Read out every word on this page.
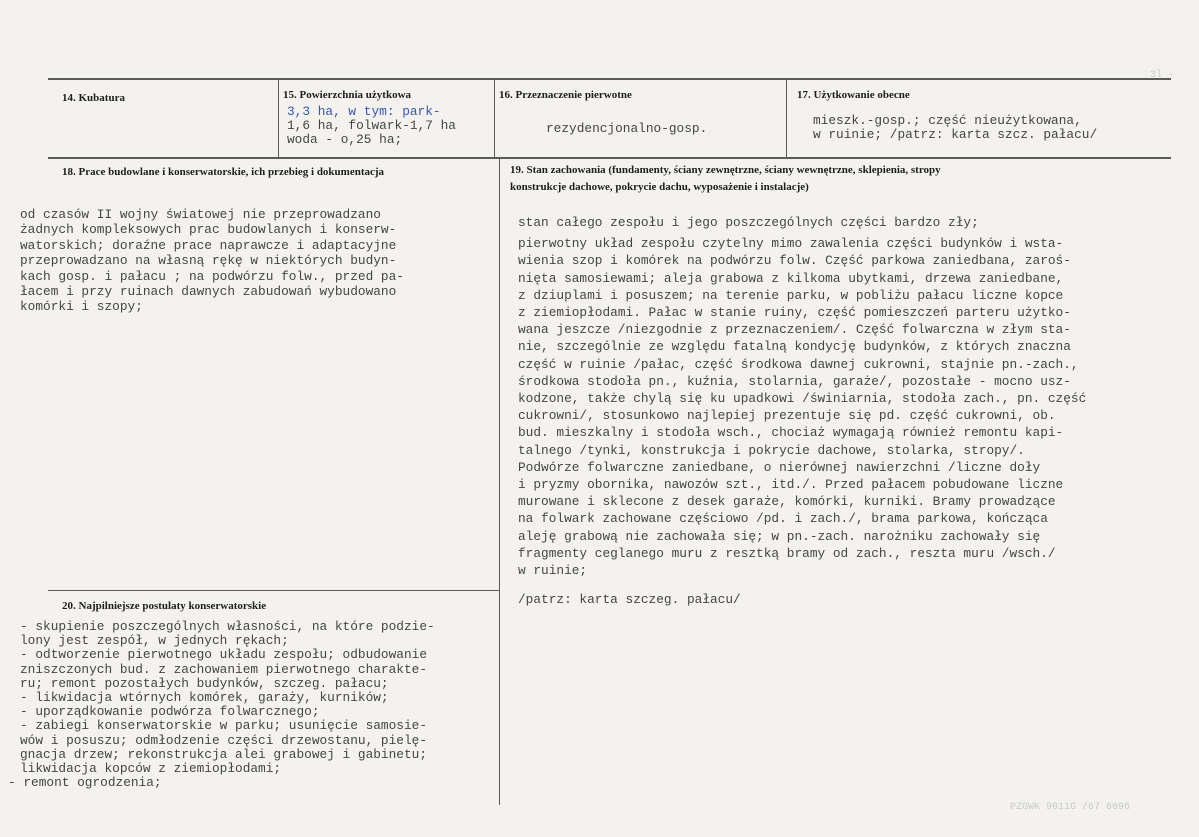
3l -
PZGWK 9011G /67 6096
14. Kubatura	15. Powierzchnia użytkowa
3,3 ha, w tym: park-
1,6 ha, folwark-1,7 ha
woda - o,25 ha;
16. Przeznaczenie pierwotne
rezydencjonalno-gosp.
17. Użytkowanie obecne
mieszk.-gosp.; część nieużytkowana,
w ruinie; /patrz: karta szcz. pałacu/
18. Prace budowlane i konserwatorskie, ich przebieg i dokumentacja
od czasów II wojny światowej nie przeprowadzano
żadnych kompleksowych prac budowlanych i konserw-
watorskich; doraźne prace naprawcze i adaptacyjne
przeprowadzano na własną rękę w niektórych budyn-
kach gosp. i pałacu ; na podwórzu folw., przed pa-
łacem i przy ruinach dawnych zabudowań wybudowano
komórki i szopy;
19. Stan zachowania (fundamenty, ściany zewnętrzne, ściany wewnętrzne, sklepienia, stropy
konstrukcje dachowe, pokrycie dachu, wyposażenie i instalacje)
stan całego zespołu i jego poszczególnych części bardzo zły;
pierwotny układ zespołu czytelny mimo zawalenia części budynków i wsta-
wienia szop i komórek na podwórzu folw. Część parkowa zaniedbana, zaroś-
nięta samosiewami; aleja grabowa z kilkoma ubytkami, drzewa zaniedbane,
z dziuplami i posuszem; na terenie parku, w pobliżu pałacu liczne kopce
z ziemiopłodami. Pałac w stanie ruiny, część pomieszczeń parteru użytko-
wana jeszcze /niezgodnie z przeznaczeniem/. Część folwarczna w złym sta-
nie, szczególnie ze względu fatalną kondycję budynków, z których znaczna
część w ruinie /pałac, część środkowa dawnej cukrowni, stajnie pn.-zach.,
środkowa stodoła pn., kuźnia, stolarnia, garaże/, pozostałe - mocno usz-
kodzone, także chylą się ku upadkowi /świniarnia, stodoła zach., pn. część
cukrowni/, stosunkowo najlepiej prezentuje się pd. część cukrowni, ob.
bud. mieszkalny i stodoła wsch., chociaż wymagają również remontu kapi-
talnego /tynki, konstrukcja i pokrycie dachowe, stolarka, stropy/.
Podwórze folwarczne zaniedbane, o nierównej nawierzchni /liczne doły
i pryzmy obornika, nawozów szt., itd./. Przed pałacem pobudowane liczne
murowane i sklecone z desek garaże, komórki, kurniki. Bramy prowadzące
na folwark zachowane częściowo /pd. i zach./, brama parkowa, kończąca
aleję grabową nie zachowała się; w pn.-zach. narożniku zachowały się
fragmenty ceglanego muru z resztką bramy od zach., reszta muru /wsch./
w ruinie;
/patrz: karta szczeg. pałacu/
20. Najpilniejsze postulaty konserwatorskie
- skupienie poszczególnych własności, na które podzie-
lony jest zespół, w jednych rękach;
- odtworzenie pierwotnego układu zespołu; odbudowanie
zniszczonych bud. z zachowaniem pierwotnego charakte-
ru; remont pozostałych budynków, szczeg. pałacu;
- likwidacja wtórnych komórek, garaży, kurników;
- uporządkowanie podwórza folwarcznego;
- zabiegi konserwatorskie w parku; usunięcie samosie-
wów i posuszu; odmłodzenie części drzewostanu, pielę-
gnacja drzew; rekonstrukcja alei grabowej i gabinetu;
likwidacja kopców z ziemiopłodami;
- remont ogrodzenia;
